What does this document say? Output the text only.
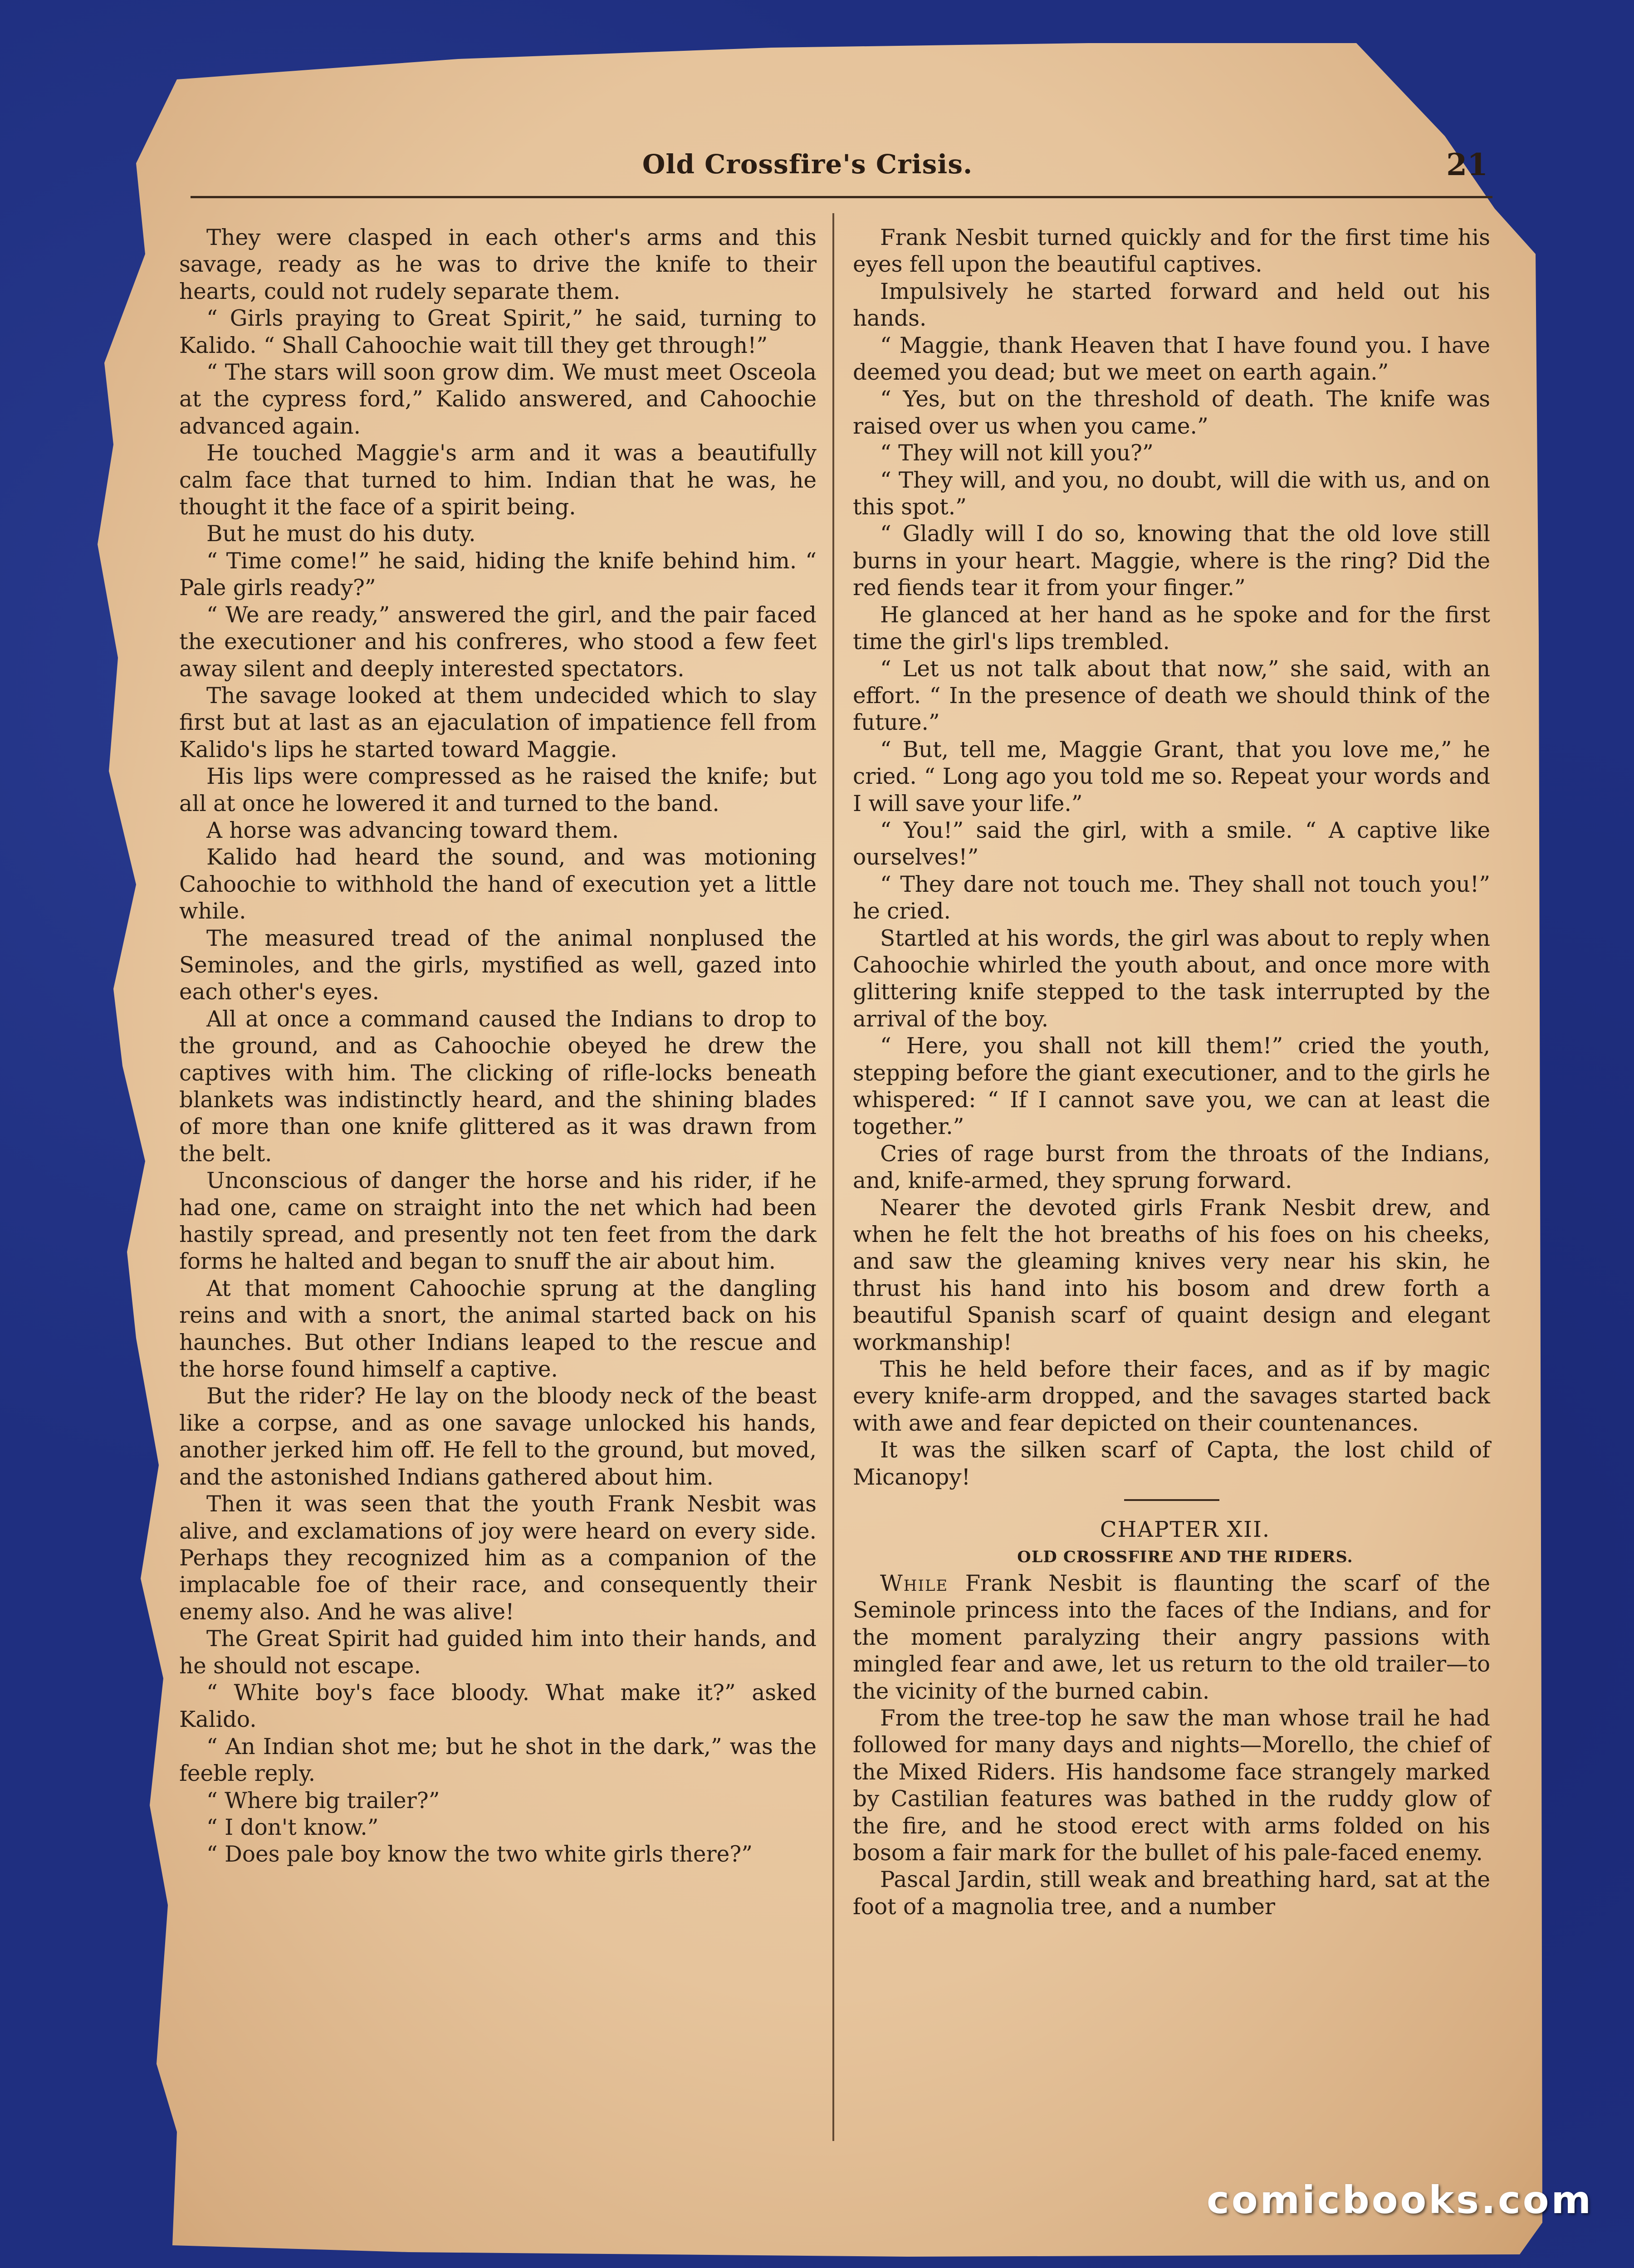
Old Crossfire's Crisis.	21

They were clasped in each other's arms and this savage, ready as he was to drive the knife to their hearts, could not rudely separate them.

“ Girls praying to Great Spirit,” he said, turning to Kalido. “ Shall Cahoochie wait till they get through!”

“ The stars will soon grow dim. We must meet Osceola at the cypress ford,” Kalido answered, and Cahoochie advanced again.

He touched Maggie's arm and it was a beautifully calm face that turned to him. Indian that he was, he thought it the face of a spirit being.

But he must do his duty.

“ Time come!” he said, hiding the knife behind him. “ Pale girls ready?”

“ We are ready,” answered the girl, and the pair faced the executioner and his confreres, who stood a few feet away silent and deeply interested spectators.

The savage looked at them undecided which to slay first but at last as an ejaculation of impatience fell from Kalido's lips he started toward Maggie.

His lips were compressed as he raised the knife; but all at once he lowered it and turned to the band.

A horse was advancing toward them.

Kalido had heard the sound, and was motioning Cahoochie to withhold the hand of execution yet a little while.

The measured tread of the animal nonplused the Seminoles, and the girls, mystified as well, gazed into each other's eyes.

All at once a command caused the Indians to drop to the ground, and as Cahoochie obeyed he drew the captives with him. The clicking of rifle-locks beneath blankets was indistinctly heard, and the shining blades of more than one knife glittered as it was drawn from the belt.

Unconscious of danger the horse and his rider, if he had one, came on straight into the net which had been hastily spread, and presently not ten feet from the dark forms he halted and began to snuff the air about him.

At that moment Cahoochie sprung at the dangling reins and with a snort, the animal started back on his haunches. But other Indians leaped to the rescue and the horse found himself a captive.

But the rider? He lay on the bloody neck of the beast like a corpse, and as one savage unlocked his hands, another jerked him off. He fell to the ground, but moved, and the astonished Indians gathered about him.

Then it was seen that the youth Frank Nesbit was alive, and exclamations of joy were heard on every side. Perhaps they recognized him as a companion of the implacable foe of their race, and consequently their enemy also. And he was alive!

The Great Spirit had guided him into their hands, and he should not escape.

“ White boy's face bloody. What make it?” asked Kalido.

“ An Indian shot me; but he shot in the dark,” was the feeble reply.

“ Where big trailer?”

“ I don't know.”

“ Does pale boy know the two white girls there?”

Frank Nesbit turned quickly and for the first time his eyes fell upon the beautiful captives.

Impulsively he started forward and held out his hands.

“ Maggie, thank Heaven that I have found you. I have deemed you dead; but we meet on earth again.”

“ Yes, but on the threshold of death. The knife was raised over us when you came.”

“ They will not kill you?”

“ They will, and you, no doubt, will die with us, and on this spot.”

“ Gladly will I do so, knowing that the old love still burns in your heart. Maggie, where is the ring? Did the red fiends tear it from your finger.”

He glanced at her hand as he spoke and for the first time the girl's lips trembled.

“ Let us not talk about that now,” she said, with an effort. “ In the presence of death we should think of the future.”

“ But, tell me, Maggie Grant, that you love me,” he cried. “ Long ago you told me so. Repeat your words and I will save your life.”

“ You!” said the girl, with a smile. “ A captive like ourselves!”

“ They dare not touch me. They shall not touch you!” he cried.

Startled at his words, the girl was about to reply when Cahoochie whirled the youth about, and once more with glittering knife stepped to the task interrupted by the arrival of the boy.

“ Here, you shall not kill them!” cried the youth, stepping before the giant executioner, and to the girls he whispered: “ If I cannot save you, we can at least die together.”

Cries of rage burst from the throats of the Indians, and, knife-armed, they sprung forward.

Nearer the devoted girls Frank Nesbit drew, and when he felt the hot breaths of his foes on his cheeks, and saw the gleaming knives very near his skin, he thrust his hand into his bosom and drew forth a beautiful Spanish scarf of quaint design and elegant workmanship!

This he held before their faces, and as if by magic every knife-arm dropped, and the savages started back with awe and fear depicted on their countenances.

It was the silken scarf of Capta, the lost child of Micanopy!

CHAPTER XII.

OLD CROSSFIRE AND THE RIDERS.

While Frank Nesbit is flaunting the scarf of the Seminole princess into the faces of the Indians, and for the moment paralyzing their angry passions with mingled fear and awe, let us return to the old trailer—to the vicinity of the burned cabin.

From the tree-top he saw the man whose trail he had followed for many days and nights—Morello, the chief of the Mixed Riders. His handsome face strangely marked by Castilian features was bathed in the ruddy glow of the fire, and he stood erect with arms folded on his bosom a fair mark for the bullet of his pale-faced enemy.

Pascal Jardin, still weak and breathing hard, sat at the foot of a magnolia tree, and a number

comicbooks.com
